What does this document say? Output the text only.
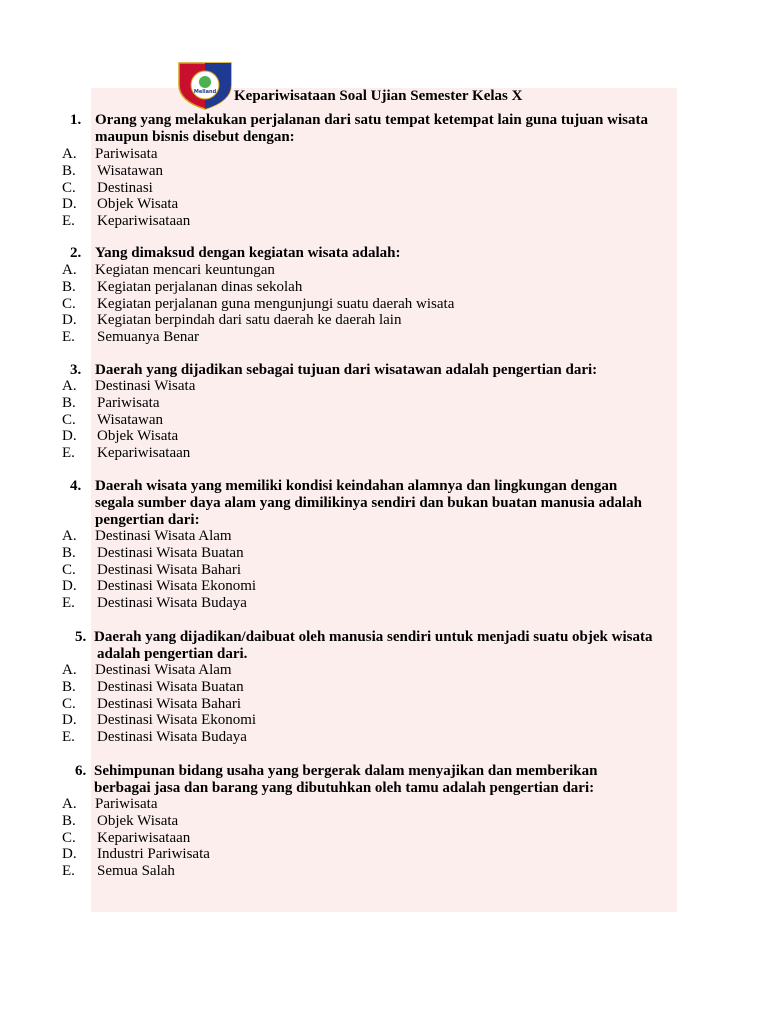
Melland Kepariwisataan Soal Ujian Semester Kelas X
1. Orang yang melakukan perjalanan dari satu tempat ketempat lain guna tujuan wisata
maupun bisnis disebut dengan:
A. Pariwisata
B. Wisatawan
C. Destinasi
D. Objek Wisata
E. Kepariwisataan
2. Yang dimaksud dengan kegiatan wisata adalah:
A. Kegiatan mencari keuntungan
B. Kegiatan perjalanan dinas sekolah
C. Kegiatan perjalanan guna mengunjungi suatu daerah wisata
D. Kegiatan berpindah dari satu daerah ke daerah lain
E. Semuanya Benar
3. Daerah yang dijadikan sebagai tujuan dari wisatawan adalah pengertian dari:
A. Destinasi Wisata
B. Pariwisata
C. Wisatawan
D. Objek Wisata
E. Kepariwisataan
4. Daerah wisata yang memiliki kondisi keindahan alamnya dan lingkungan dengan
segala sumber daya alam yang dimilikinya sendiri dan bukan buatan manusia adalah
pengertian dari:
A. Destinasi Wisata Alam
B. Destinasi Wisata Buatan
C. Destinasi Wisata Bahari
D. Destinasi Wisata Ekonomi
E. Destinasi Wisata Budaya
5. Daerah yang dijadikan/daibuat oleh manusia sendiri untuk menjadi suatu objek wisata
adalah pengertian dari.
A. Destinasi Wisata Alam
B. Destinasi Wisata Buatan
C. Destinasi Wisata Bahari
D. Destinasi Wisata Ekonomi
E. Destinasi Wisata Budaya
6. Sehimpunan bidang usaha yang bergerak dalam menyajikan dan memberikan
berbagai jasa dan barang yang dibutuhkan oleh tamu adalah pengertian dari:
A. Pariwisata
B. Objek Wisata
C. Kepariwisataan
D. Industri Pariwisata
E. Semua Salah
